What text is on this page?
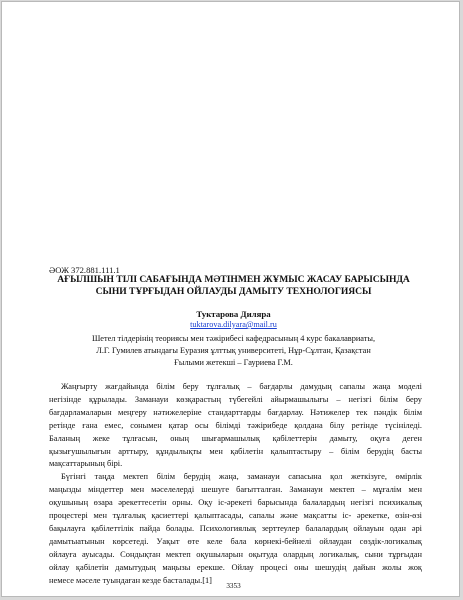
ӘОЖ 372.881.111.1
АҒЫЛШЫН ТІЛІ САБАҒЫНДА МӘТІНМЕН ЖҰМЫС ЖАСАУ БАРЫСЫНДА
СЫНИ ТҰРҒЫДАН ОЙЛАУДЫ ДАМЫТУ ТЕХНОЛОГИЯСЫ
Туктарова Диляра
tuktarova.dilyara@mail.ru
Шетел тілдерінің теориясы мен тәжірибесі кафедрасының 4 курс бакалавриаты,
Л.Г. Гумилев атындағы Еуразия ұлттық университеті, Нұр-Сұлтан, Қазақстан
Ғылыми жетекші – Гауриева Г.М.

Жаңғырту жағдайында білім беру тұлғалық – бағдарлы дамудың сапалы жаңа моделі
негізінде құрылады. Заманауи көзқарастың түбегейлі айырмашылығы – негізгі білім беру
бағдарламаларын меңгеру нәтижелеріне стандарттарды бағдарлау. Нәтижелер тек пәндік білім
ретінде ғана емес, сонымен қатар осы білімді тәжірибеде қолдана білу ретінде түсініледі.
Баланың жеке тұлғасын, оның шығармашылық қабілеттерін дамыту, оқуға деген
қызығушылығын арттыру, құндылықты мен қабілетін қалыптастыру – білім берудің басты
мақсаттарының бірі.

Бүгінгі таңда мектеп білім берудің жаңа, заманауи сапасына қол жеткізуге, өмірлік
маңызды міндеттер мен мәселелерді шешуге бағытталған. Заманауи мектеп – мұғалім мен
оқушының өзара әрекеттесетін орны. Оқу іс-әрекеті барысында балалардың негізгі психикалық
процестері мен тұлғалық қасиеттері қалыптасады, сапалы және мақсатты іс- әрекетке, өзін-өзі
бақылауға қабілеттілік пайда болады. Психологиялық зерттеулер балалардың ойлауын одан әрі
дамытыатынын көрсетеді. Уақыт өте келе бала көрнекі-бейнелі ойлаудан сөздік-логикалық
ойлауға ауысады. Сондықтан мектеп оқушыларын оқытуда олардың логикалық, сыни тұрғыдан
ойлау қабілетін дамытудың маңызы ерекше. Ойлау процесі оны шешудің дайын жолы жоқ
немесе мәселе туындаған кезде басталады.[1]

3353
